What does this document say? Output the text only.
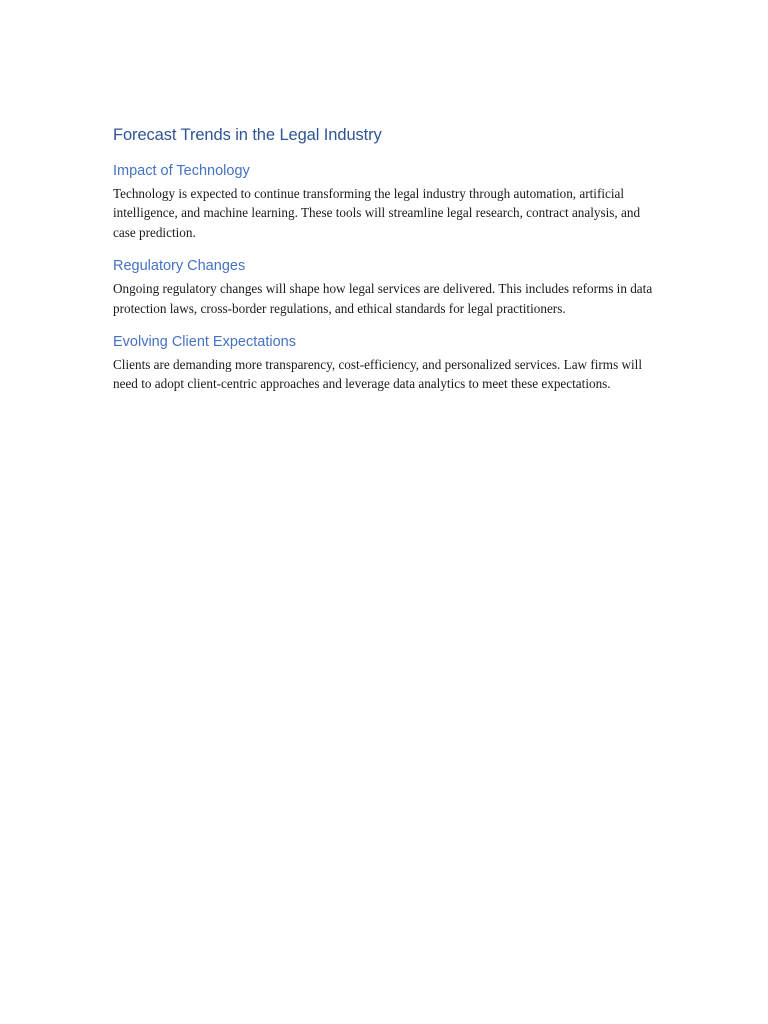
Forecast Trends in the Legal Industry
Impact of Technology

Technology is expected to continue transforming the legal industry through automation, artificial intelligence, and machine learning. These tools will streamline legal research, contract analysis, and case prediction.

Regulatory Changes

Ongoing regulatory changes will shape how legal services are delivered. This includes reforms in data protection laws, cross-border regulations, and ethical standards for legal practitioners.

Evolving Client Expectations

Clients are demanding more transparency, cost-efficiency, and personalized services. Law firms will need to adopt client-centric approaches and leverage data analytics to meet these expectations.
